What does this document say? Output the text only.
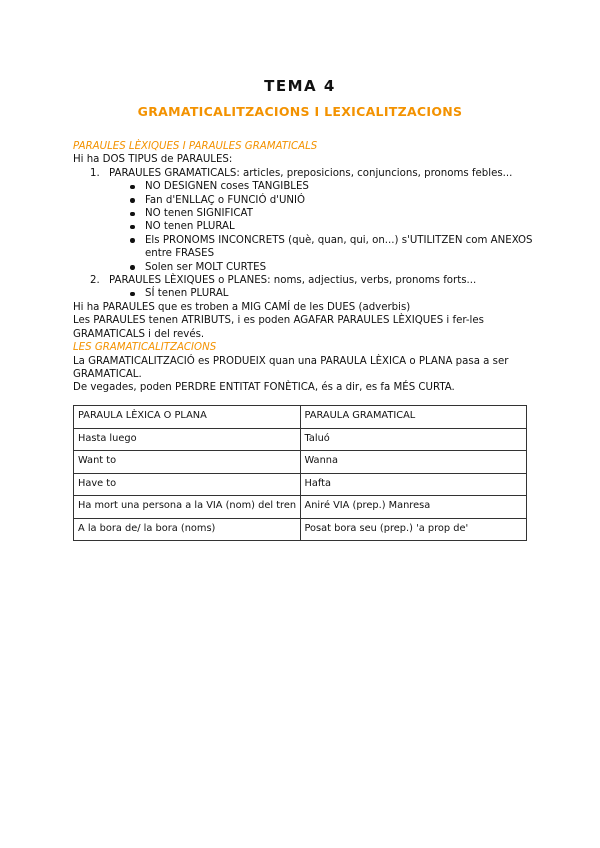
TEMA 4
GRAMATICALITZACIONS I LEXICALITZACIONS
PARAULES LÈXIQUES I PARAULES GRAMATICALS
Hi ha DOS TIPUS de PARAULES:
1. PARAULES GRAMATICALS: articles, preposicions, conjuncions, pronoms febles...
NO DESIGNEN coses TANGIBLES
Fan d'ENLLAÇ o FUNCIÓ d'UNIÓ
NO tenen SIGNIFICAT
NO tenen PLURAL
Els PRONOMS INCONCRETS (què, quan, qui, on...) s'UTILITZEN com ANEXOS entre FRASES
Solen ser MOLT CURTES
2. PARAULES LÈXIQUES o PLANES: noms, adjectius, verbs, pronoms forts...
SÍ tenen PLURAL
Hi ha PARAULES que es troben a MIG CAMÍ de les DUES (adverbis)
Les PARAULES tenen ATRIBUTS, i es poden AGAFAR PARAULES LÈXIQUES i fer-les GRAMATICALS i del revés.
LES GRAMATICALITZACIONS
La GRAMATICALITZACIÓ es PRODUEIX quan una PARAULA LÈXICA o PLANA pasa a ser GRAMATICAL.
De vegades, poden PERDRE ENTITAT FONÈTICA, és a dir, es fa MÉS CURTA.
PARAULA LÈXICA O PLANA	PARAULA GRAMATICAL
Hasta luego	Taluó
Want to	Wanna
Have to	Hafta
Ha mort una persona a la VIA (nom) del tren	Aniré VIA (prep.) Manresa
A la bora de/ la bora (noms)	Posat bora seu (prep.) 'a prop de'
